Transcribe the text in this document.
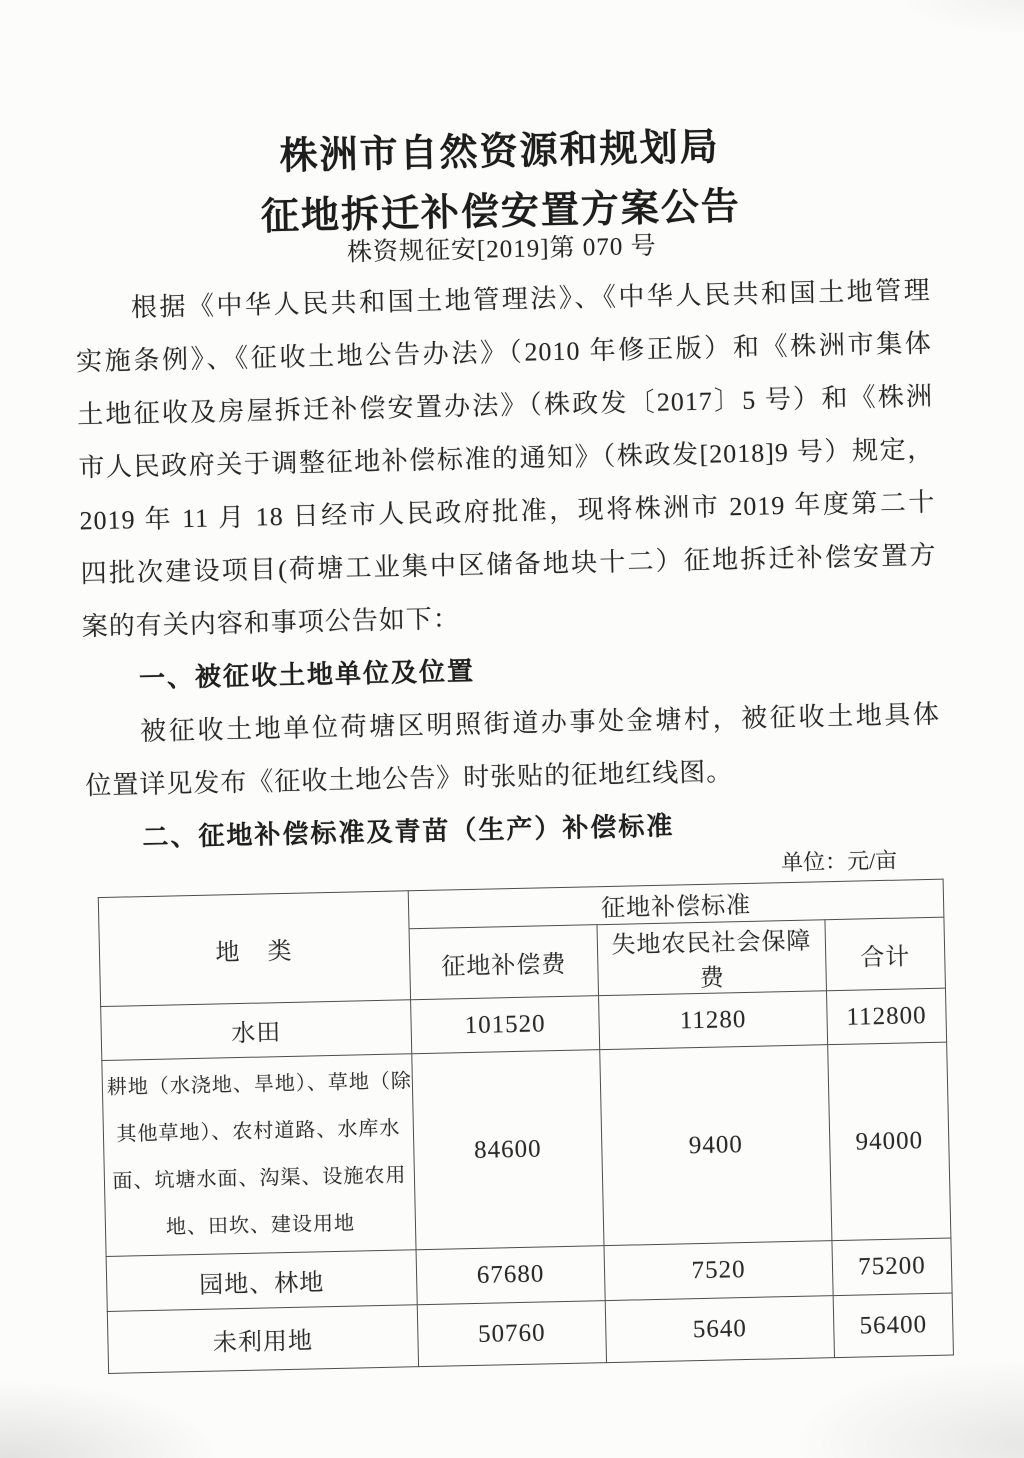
株洲市自然资源和规划局
征地拆迁补偿安置方案公告
株资规征安[2019]第 070 号
根据《中华人民共和国土地管理法》、《中华人民共和国土地管理
实施条例》、《征收土地公告办法》（2010 年修正版）和《株洲市集体
土地征收及房屋拆迁补偿安置办法》（株政发〔2017〕5 号）和《株洲
市人民政府关于调整征地补偿标准的通知》（株政发[2018]9 号）规定，
2019 年 11 月 18 日经市人民政府批准，现将株洲市 2019 年度第二十
四批次建设项目(荷塘工业集中区储备地块十二）征地拆迁补偿安置方
案的有关内容和事项公告如下：
一、被征收土地单位及位置
被征收土地单位荷塘区明照街道办事处金塘村，被征收土地具体
位置详见发布《征收土地公告》时张贴的征地红线图。
二、征地补偿标准及青苗（生产）补偿标准
单位：元/亩
地　类	征地补偿标准		
	征地补偿费	失地农民社会保障费	合计
水田	101520	11280	112800

耕地（水浇地、旱地）、草地（除
其他草地）、农村道路、水库水
面、坑塘水面、沟渠、设施农用
地、田坎、建设用地	84600	9400	94000
园地、林地	67680	7520	75200
未利用地	50760	5640	56400
